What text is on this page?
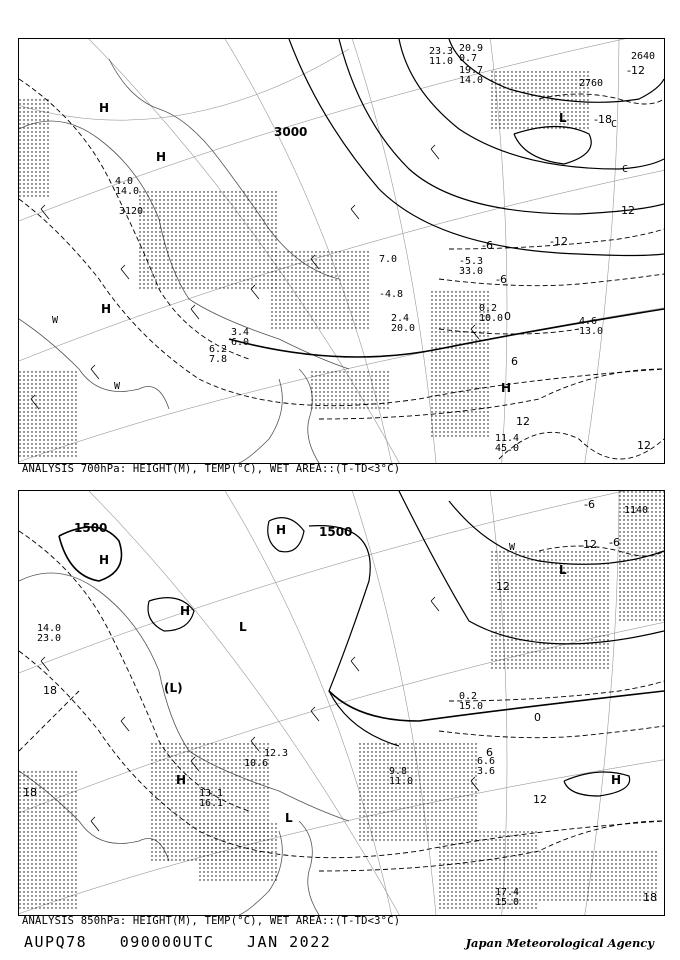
3000
3120
2760
2640
-18
-12
-6
0
6
12
12
-12
-12
-6
H
H
H
H
L
W
W
C
C
4.0
14.0
23.3
11.0
20.9
0.7
19.7
14.0
2.4
20.0
3.4
6.0
6.2
7.8
4.6
13.0
11.4
45.0
0.2
10.0
-5.3
33.0
7.0
-4.8
ANALYSIS 700hPa: HEIGHT(M), TEMP(°C), WET AREA::(T-TD<3°C)
1500	1500
1140
18
18
18
12
12
12
6
0
-6
-6
H
H
H
H	H
L
L
L
(L)
W
17.4
15.0
9.8
11.0
14.0
23.0
0.2
15.0
6.6
3.6
12.3
10.6
13.1
16.1
ANALYSIS 850hPa: HEIGHT(M), TEMP(°C), WET AREA::(T-TD<3°C)
AUPQ78 090000UTC JAN 2022	Japan Meteorological Agency
